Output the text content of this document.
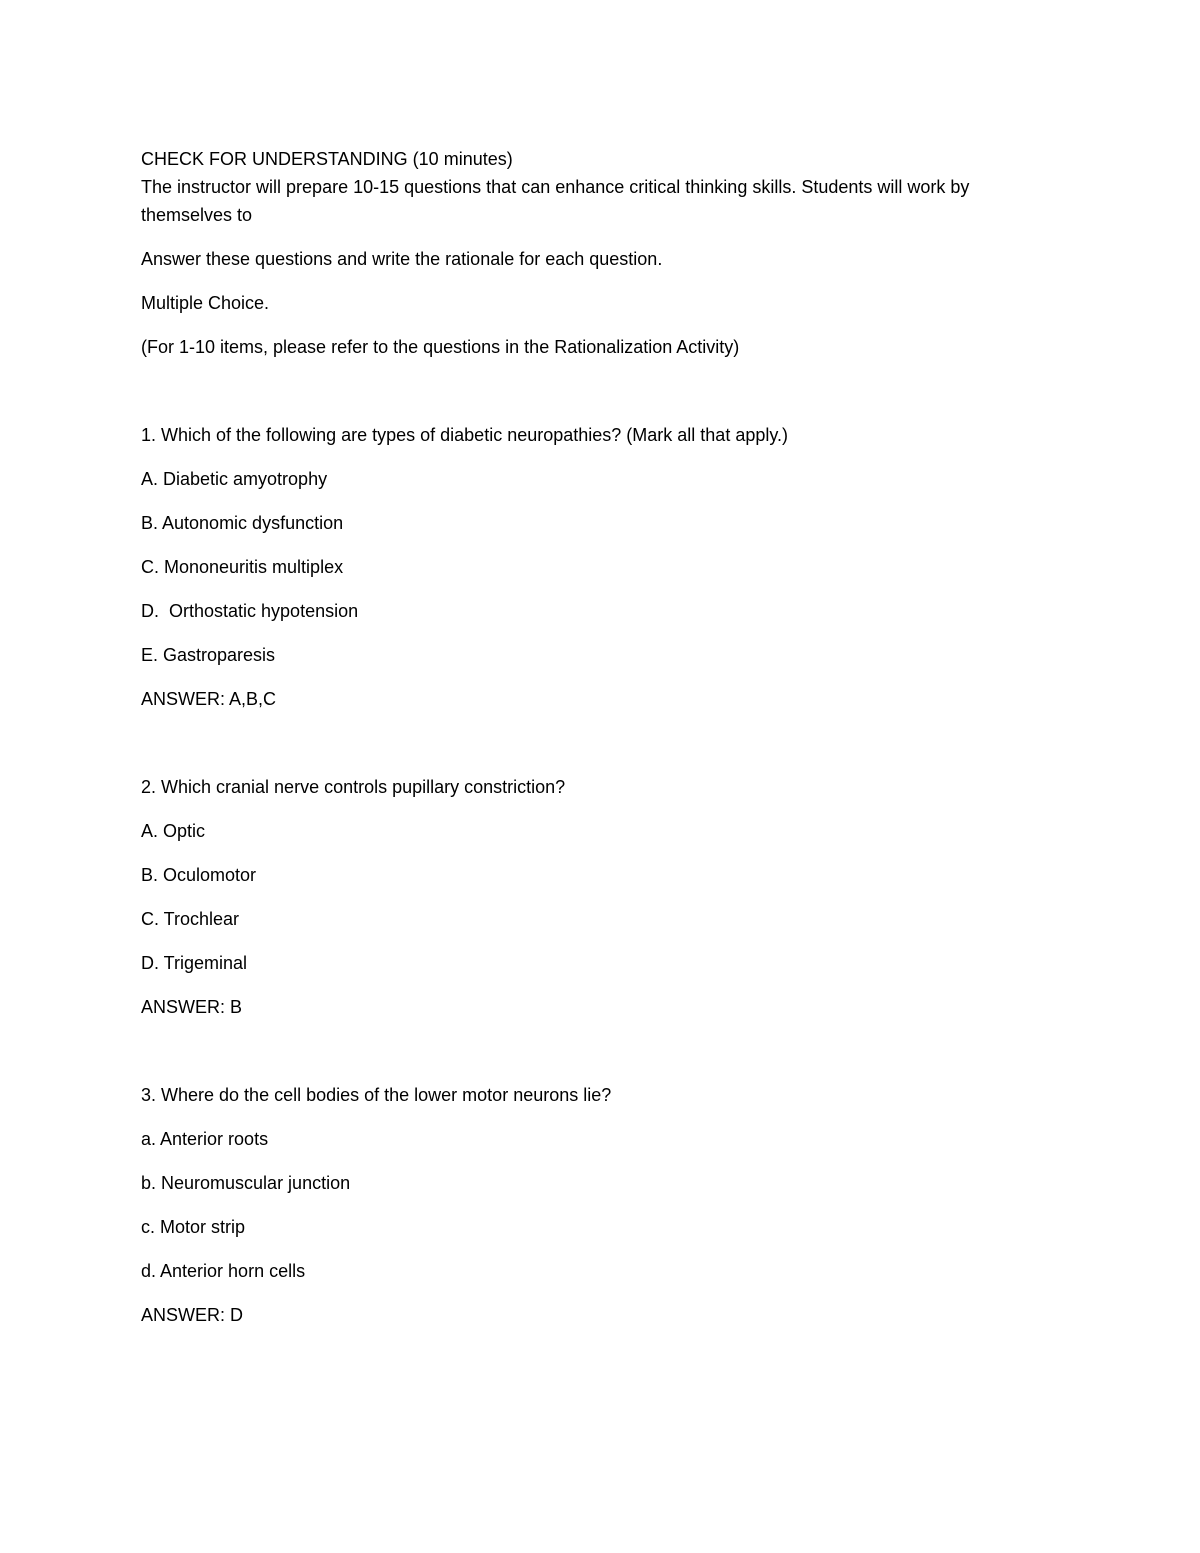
CHECK FOR UNDERSTANDING (10 minutes)

The instructor will prepare 10-15 questions that can enhance critical thinking skills. Students will work by themselves to

Answer these questions and write the rationale for each question.

Multiple Choice.

(For 1-10 items, please refer to the questions in the Rationalization Activity)

1. Which of the following are types of diabetic neuropathies? (Mark all that apply.)

A. Diabetic amyotrophy

B. Autonomic dysfunction

C. Mononeuritis multiplex

D.  Orthostatic hypotension

E. Gastroparesis

ANSWER: A,B,C

2. Which cranial nerve controls pupillary constriction?

A. Optic

B. Oculomotor

C. Trochlear

D. Trigeminal

ANSWER: B

3. Where do the cell bodies of the lower motor neurons lie?

a. Anterior roots

b. Neuromuscular junction

c. Motor strip

d. Anterior horn cells

ANSWER: D
